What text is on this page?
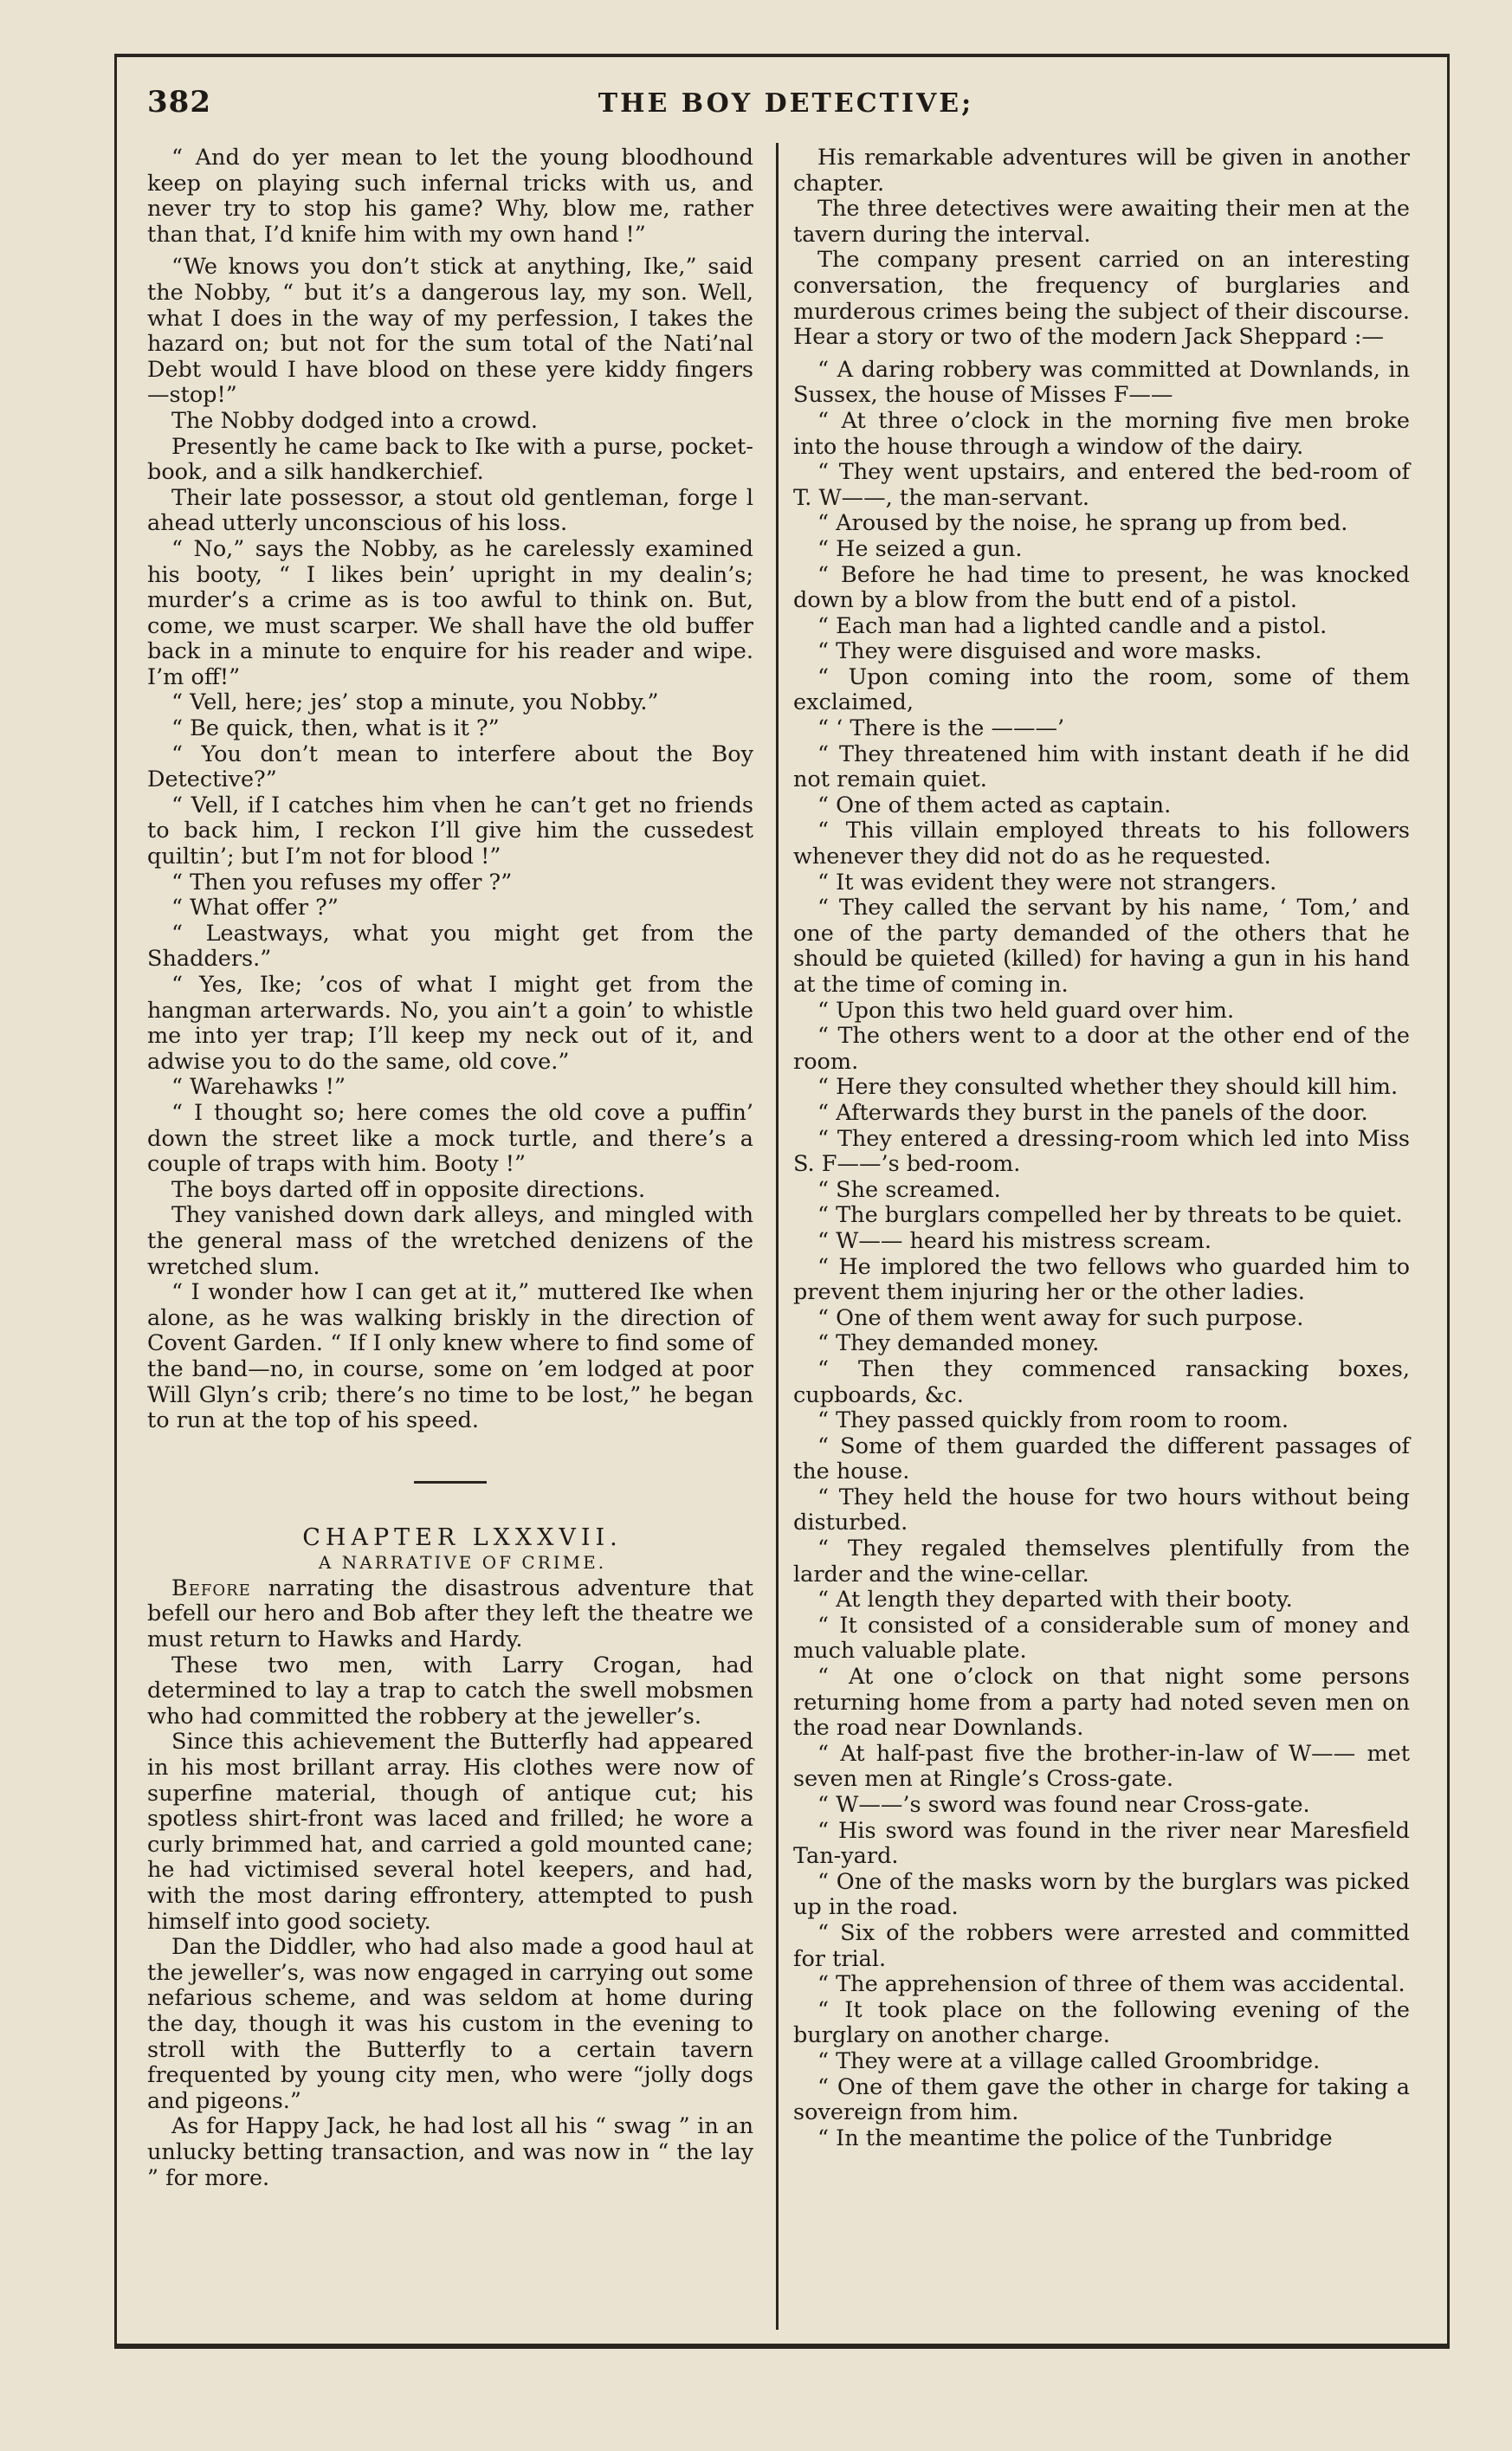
382	THE BOY DETECTIVE;

“ And do yer mean to let the young bloodhound keep on playing such infernal tricks with us, and never try to stop his game? Why, blow me, rather than that, I’d knife him with my own hand !”

“We knows you don’t stick at anything, Ike,” said the Nobby, “ but it’s a dangerous lay, my son. Well, what I does in the way of my perfession, I takes the hazard on; but not for the sum total of the Nati’nal Debt would I have blood on these yere kiddy fingers—stop!”

The Nobby dodged into a crowd.

Presently he came back to Ike with a purse, pocket-book, and a silk handkerchief.

Their late possessor, a stout old gentleman, forge l ahead utterly unconscious of his loss.

“ No,” says the Nobby, as he carelessly examined his booty, “ I likes bein’ upright in my dealin’s; murder’s a crime as is too awful to think on. But, come, we must scarper. We shall have the old buffer back in a minute to enquire for his reader and wipe. I’m off!”

“ Vell, here; jes’ stop a minute, you Nobby.”

“ Be quick, then, what is it ?”

“ You don’t mean to interfere about the Boy Detective?”

“ Vell, if I catches him vhen he can’t get no friends to back him, I reckon I’ll give him the cussedest quiltin’; but I’m not for blood !”

“ Then you refuses my offer ?”

“ What offer ?”

“ Leastways, what you might get from the Shadders.”

“ Yes, Ike; ’cos of what I might get from the hangman arterwards. No, you ain’t a goin’ to whistle me into yer trap; I’ll keep my neck out of it, and adwise you to do the same, old cove.”

“ Warehawks !”

“ I thought so; here comes the old cove a puffin’ down the street like a mock turtle, and there’s a couple of traps with him. Booty !”

The boys darted off in opposite directions.

They vanished down dark alleys, and mingled with the general mass of the wretched denizens of the wretched slum.

“ I wonder how I can get at it,” muttered Ike when alone, as he was walking briskly in the direction of Covent Garden. “ If I only knew where to find some of the band—no, in course, some on ’em lodged at poor Will Glyn’s crib; there’s no time to be lost,” he began to run at the top of his speed.

CHAPTER LXXXVII.

A NARRATIVE OF CRIME.

Before narrating the disastrous adventure that befell our hero and Bob after they left the theatre we must return to Hawks and Hardy.

These two men, with Larry Crogan, had determined to lay a trap to catch the swell mobsmen who had committed the robbery at the jeweller’s.

Since this achievement the Butterfly had appeared in his most brillant array. His clothes were now of superfine material, though of antique cut; his spotless shirt-front was laced and frilled; he wore a curly brimmed hat, and carried a gold mounted cane; he had victimised several hotel keepers, and had, with the most daring effrontery, attempted to push himself into good society.

Dan the Diddler, who had also made a good haul at the jeweller’s, was now engaged in carrying out some nefarious scheme, and was seldom at home during the day, though it was his custom in the evening to stroll with the Butterfly to a certain tavern frequented by young city men, who were “jolly dogs and pigeons.”

As for Happy Jack, he had lost all his “ swag ” in an unlucky betting transaction, and was now in “ the lay ” for more.

His remarkable adventures will be given in another chapter.

The three detectives were awaiting their men at the tavern during the interval.

The company present carried on an interesting conversation, the frequency of burglaries and murderous crimes being the subject of their discourse. Hear a story or two of the modern Jack Sheppard :—

“ A daring robbery was committed at Downlands, in Sussex, the house of Misses F——

“ At three o’clock in the morning five men broke into the house through a window of the dairy.

“ They went upstairs, and entered the bed-room of T. W——, the man-servant.

“ Aroused by the noise, he sprang up from bed.

“ He seized a gun.

“ Before he had time to present, he was knocked down by a blow from the butt end of a pistol.

“ Each man had a lighted candle and a pistol.

“ They were disguised and wore masks.

“ Upon coming into the room, some of them exclaimed,

“ ‘ There is the ———’

“ They threatened him with instant death if he did not remain quiet.

“ One of them acted as captain.

“ This villain employed threats to his followers whenever they did not do as he requested.

“ It was evident they were not strangers.

“ They called the servant by his name, ‘ Tom,’ and one of the party demanded of the others that he should be quieted (killed) for having a gun in his hand at the time of coming in.

“ Upon this two held guard over him.

“ The others went to a door at the other end of the room.

“ Here they consulted whether they should kill him.

“ Afterwards they burst in the panels of the door.

“ They entered a dressing-room which led into Miss S. F——’s bed-room.

“ She screamed.

“ The burglars compelled her by threats to be quiet.

“ W—— heard his mistress scream.

“ He implored the two fellows who guarded him to prevent them injuring her or the other ladies.

“ One of them went away for such purpose.

“ They demanded money.

“ Then they commenced ransacking boxes, cupboards, &c.

“ They passed quickly from room to room.

“ Some of them guarded the different passages of the house.

“ They held the house for two hours without being disturbed.

“ They regaled themselves plentifully from the larder and the wine-cellar.

“ At length they departed with their booty.

“ It consisted of a considerable sum of money and much valuable plate.

“ At one o’clock on that night some persons returning home from a party had noted seven men on the road near Downlands.

“ At half-past five the brother-in-law of W—— met seven men at Ringle’s Cross-gate.

“ W——’s sword was found near Cross-gate.

“ His sword was found in the river near Maresfield Tan-yard.

“ One of the masks worn by the burglars was picked up in the road.

“ Six of the robbers were arrested and committed for trial.

“ The apprehension of three of them was accidental.

“ It took place on the following evening of the burglary on another charge.

“ They were at a village called Groombridge.

“ One of them gave the other in charge for taking a sovereign from him.

“ In the meantime the police of the Tunbridge
